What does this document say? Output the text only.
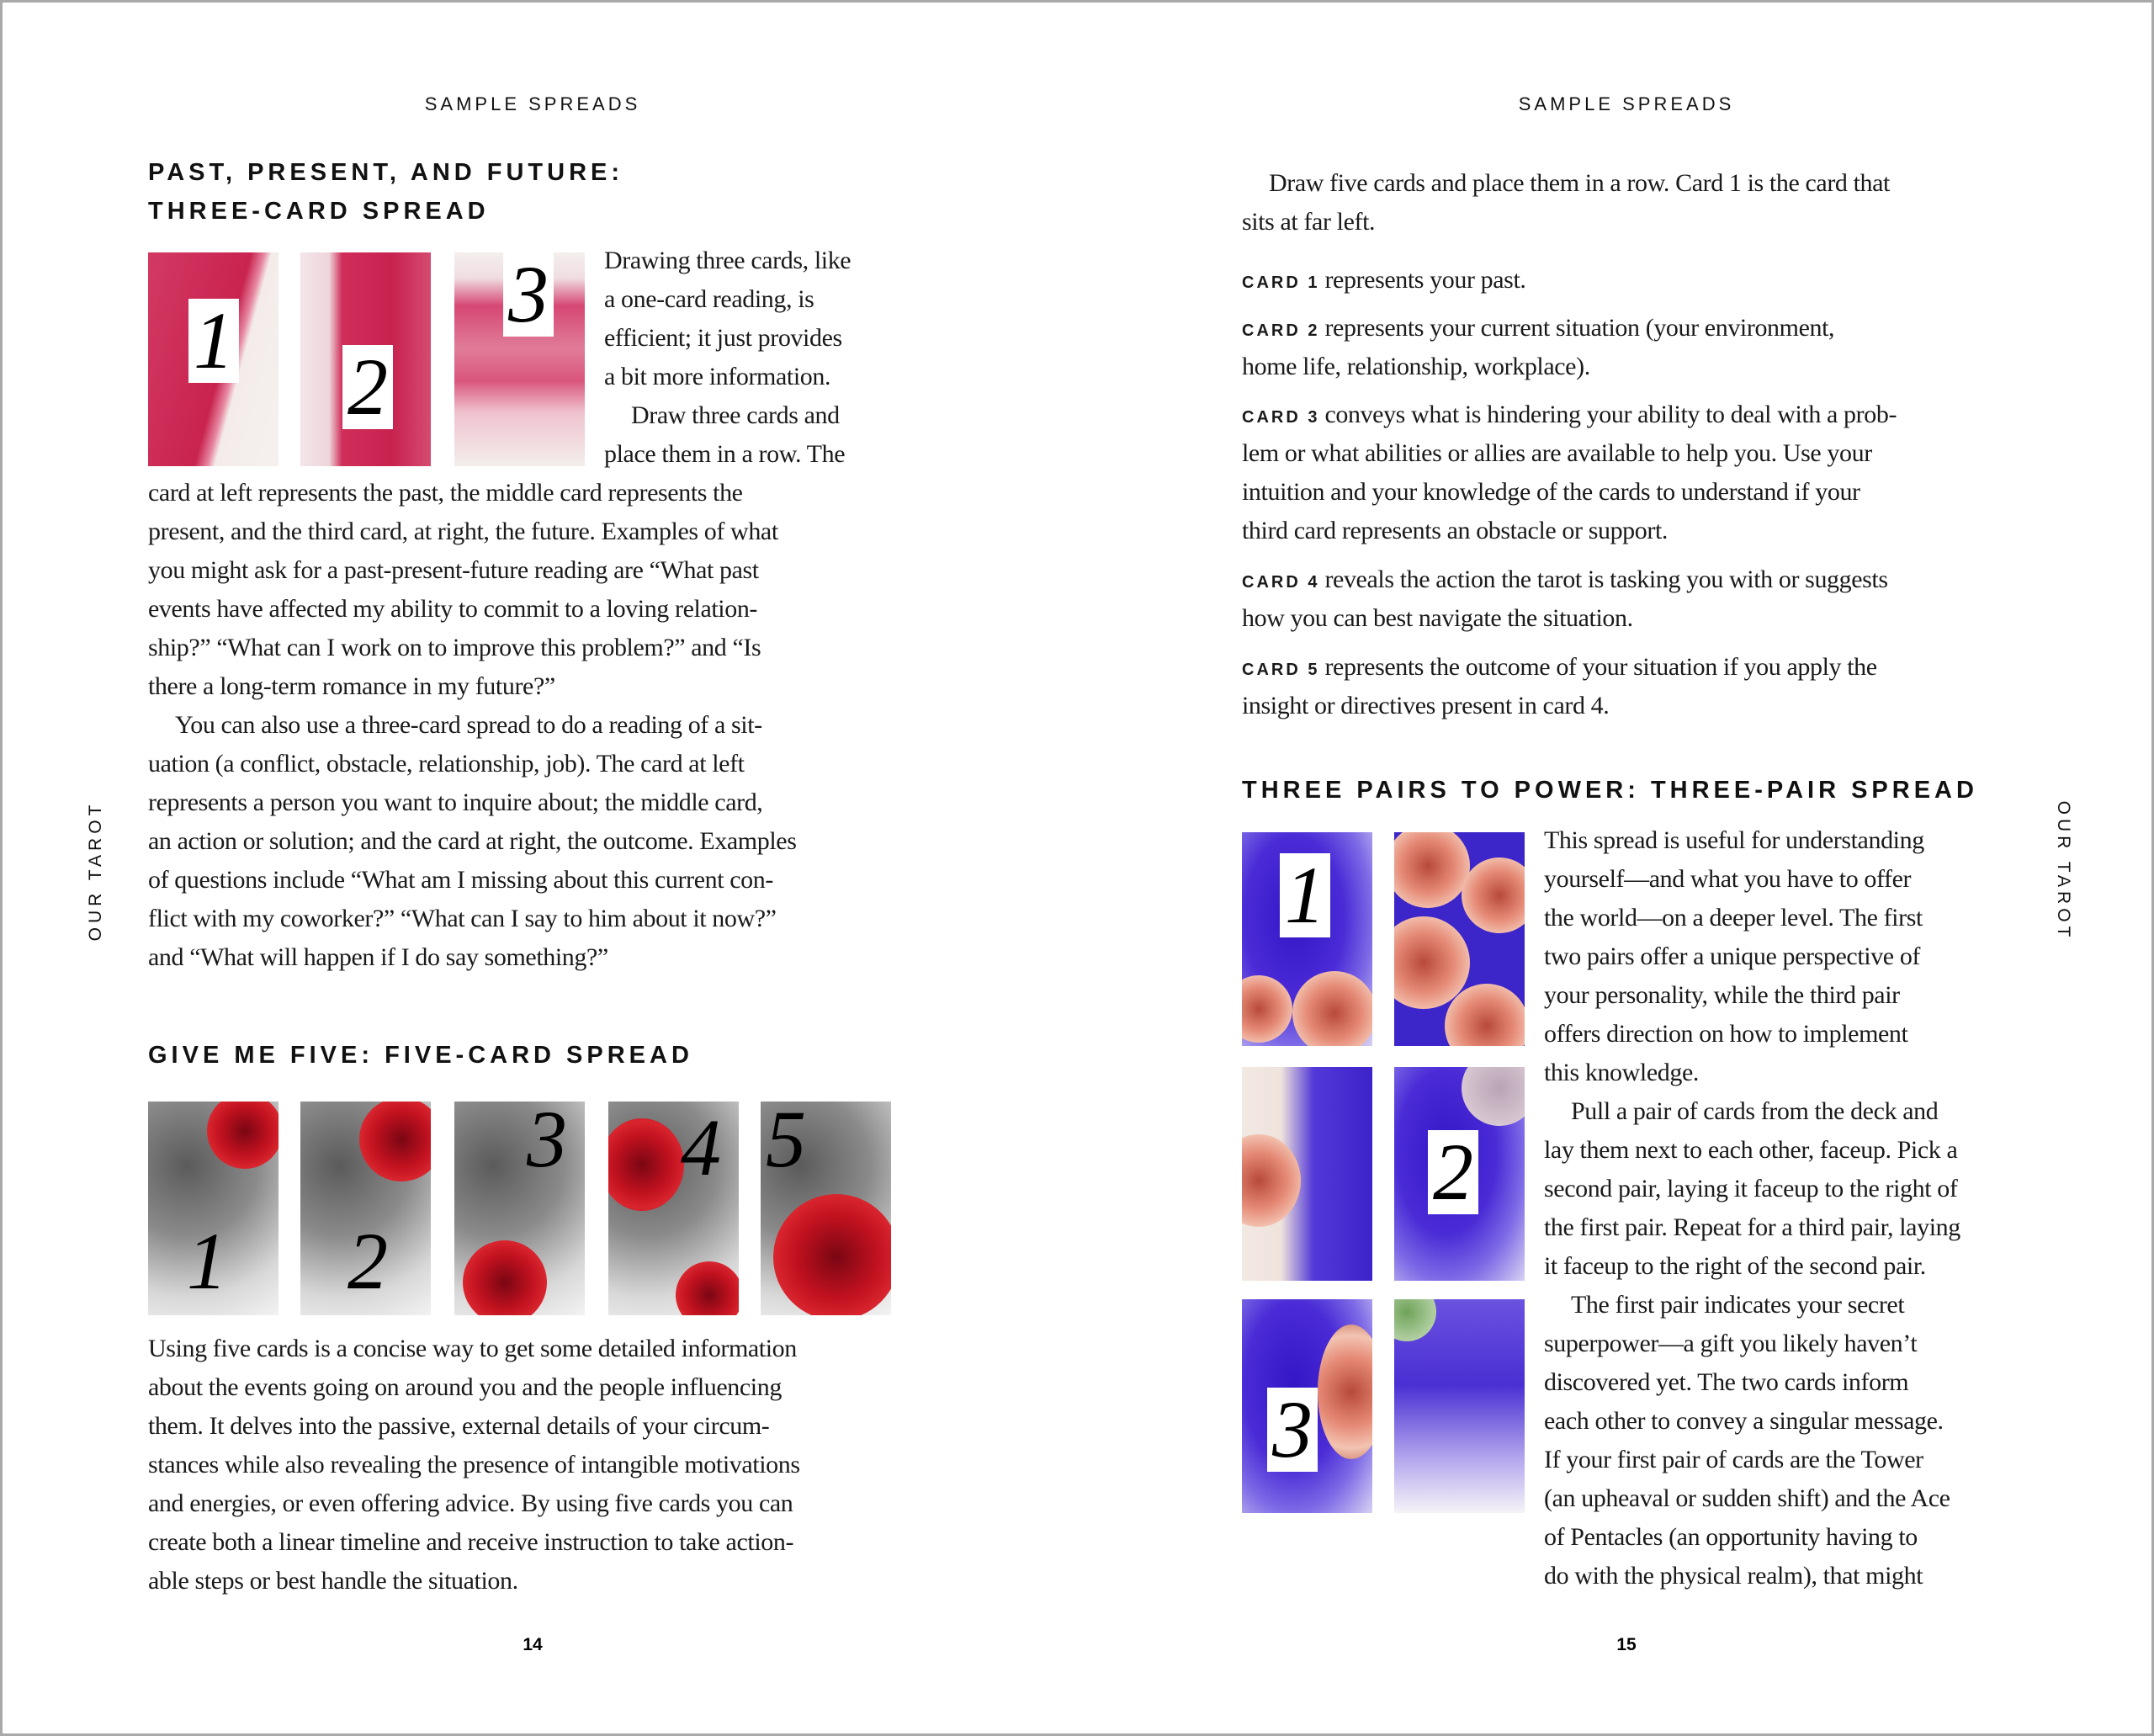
SAMPLE SPREADS
OUR TAROT
PAST, PRESENT, AND FUTURE:
THREE-CARD SPREAD
1
2
3 Drawing three cards, like
a one-card reading, is
efficient; it just provides
a bit more information.
Draw three cards and
place them in a row. The
card at left represents the past, the middle card represents the
present, and the third card, at right, the future. Examples of what
you might ask for a past-present-future reading are “What past
events have affected my ability to commit to a loving relation-
ship?” “What can I work on to improve this problem?” and “Is
there a long-term romance in my future?”
You can also use a three-card spread to do a reading of a sit-
uation (a conflict, obstacle, relationship, job). The card at left
represents a person you want to inquire about; the middle card,
an action or solution; and the card at right, the outcome. Examples
of questions include “What am I missing about this current con-
flict with my coworker?” “What can I say to him about it now?”
and “What will happen if I do say something?”
GIVE ME FIVE: FIVE-CARD SPREAD
1 2
3 4 5
Using five cards is a concise way to get some detailed information
about the events going on around you and the people influencing
them. It delves into the passive, external details of your circum-
stances while also revealing the presence of intangible motivations
and energies, or even offering advice. By using five cards you can
create both a linear timeline and receive instruction to take action-
able steps or best handle the situation.
14
SAMPLE SPREADS
OUR TAROT
Draw five cards and place them in a row. Card 1 is the card that
sits at far left.
CARD 1 represents your past.
CARD 2 represents your current situation (your environment,
home life, relationship, workplace).
CARD 3 conveys what is hindering your ability to deal with a prob-
lem or what abilities or allies are available to help you. Use your
intuition and your knowledge of the cards to understand if your
third card represents an obstacle or support.
CARD 4 reveals the action the tarot is tasking you with or suggests
how you can best navigate the situation.
CARD 5 represents the outcome of your situation if you apply the
insight or directives present in card 4.
THREE PAIRS TO POWER: THREE-PAIR SPREAD
1
2
3
This spread is useful for understanding
yourself—and what you have to offer
the world—on a deeper level. The first
two pairs offer a unique perspective of
your personality, while the third pair
offers direction on how to implement
this knowledge.
Pull a pair of cards from the deck and
lay them next to each other, faceup. Pick a
second pair, laying it faceup to the right of
the first pair. Repeat for a third pair, laying
it faceup to the right of the second pair.
The first pair indicates your secret
superpower—a gift you likely haven’t
discovered yet. The two cards inform
each other to convey a singular message.
If your first pair of cards are the Tower
(an upheaval or sudden shift) and the Ace
of Pentacles (an opportunity having to
do with the physical realm), that might
15
